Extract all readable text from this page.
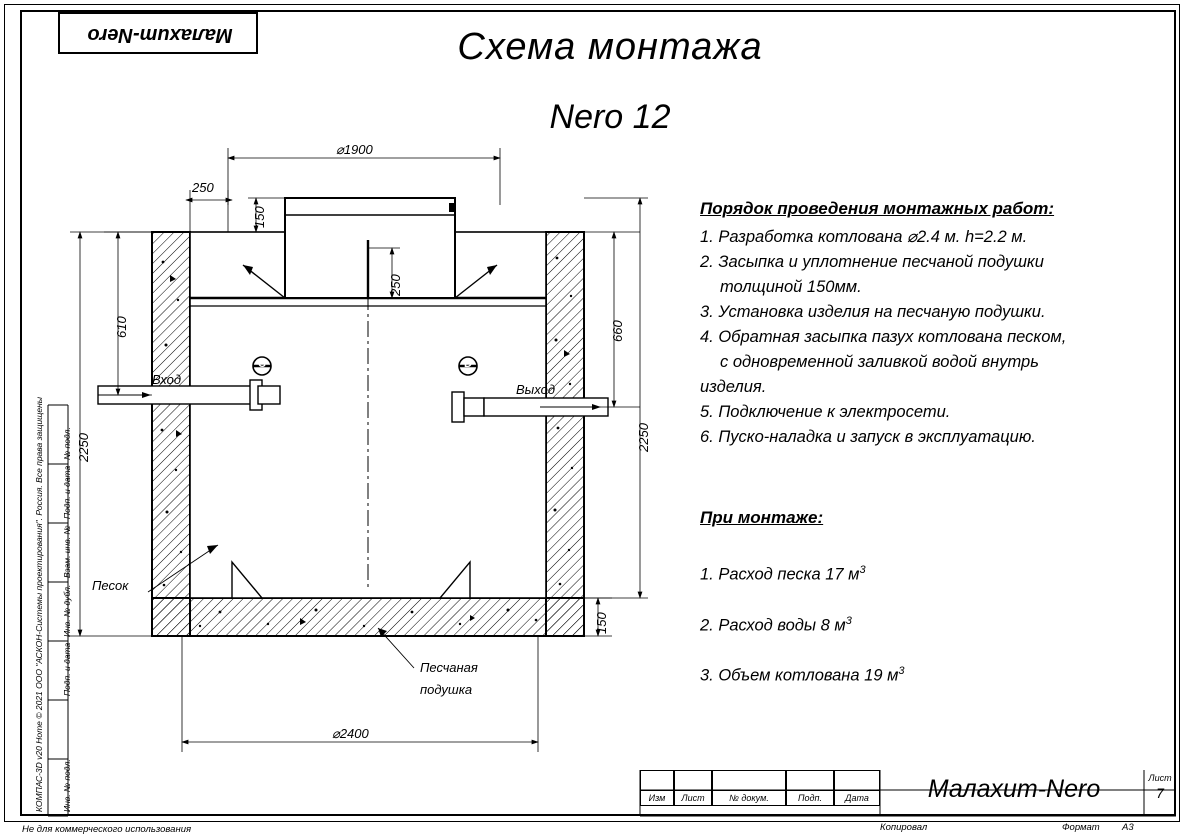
Малахит-Nero	Схема монтажа
Nero 12
⌀1900
250
150
250
610
2250
660
2250
150
⌀2400
Вход
Выход
Песок
Песчаная
подушка
Порядок проведения монтажных работ:
1. Разработка котлована ⌀2.4 м. h=2.2 м.
2. Засыпка и уплотнение песчаной подушки
толщиной 150мм.
3. Установка изделия на песчаную подушки.
4. Обратная засыпка пазух котлована песком,
с одновременной заливкой водой внутрь
изделия.
5. Подключение к электросети.
6. Пуско-наладка и запуск в эксплуатацию.
При монтаже:
1. Расход песка 17 $м^3$
2. Расход воды 8 $м^3$
3. Объем котлована 19 $м^3$
КОМПАС-3D v20 Home © 2021 ООО "АСКОН-Системы проектирования". Россия. Все права защищены № подл.
Подп. и дата
Взам. инв. №
Инв. № дубл.
Подп. и дата
Инв. № подл.
Не для коммерческого использования
Изм	Лист	№ докум.	Подп.	Дата	Малахит-Nero	Лист
7
Копировал	Формат А3
C	D
